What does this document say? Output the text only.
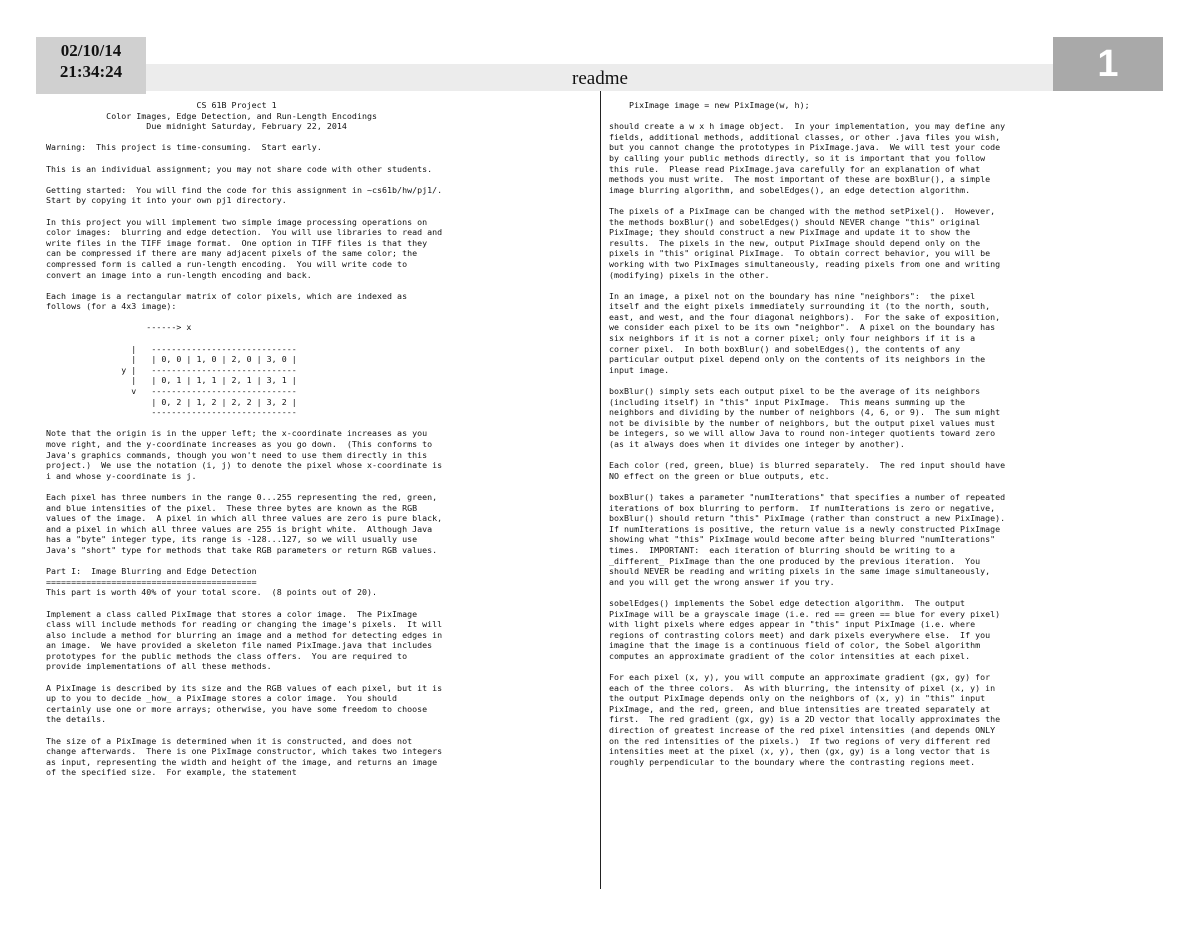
02/10/14
21:34:24	readme	1
CS 61B Project 1
Color Images, Edge Detection, and Run-Length Encodings
Due midnight Saturday, February 22, 2014
Warning:  This project is time-consuming.  Start early.
This is an individual assignment; you may not share code with other students.
Getting started:  You will find the code for this assignment in ~cs61b/hw/pj1/.
Start by copying it into your own pj1 directory.
In this project you will implement two simple image processing operations on
color images:  blurring and edge detection.  You will use libraries to read and
write files in the TIFF image format.  One option in TIFF files is that they
can be compressed if there are many adjacent pixels of the same color; the
compressed form is called a run-length encoding.  You will write code to
convert an image into a run-length encoding and back.
Each image is a rectangular matrix of color pixels, which are indexed as
follows (for a 4x3 image):
------> x
|   -----------------------------
|   | 0, 0 | 1, 0 | 2, 0 | 3, 0 |
y |   -----------------------------
|   | 0, 1 | 1, 1 | 2, 1 | 3, 1 |
v   -----------------------------
| 0, 2 | 1, 2 | 2, 2 | 3, 2 |
-----------------------------
Note that the origin is in the upper left; the x-coordinate increases as you
move right, and the y-coordinate increases as you go down.  (This conforms to
Java's graphics commands, though you won't need to use them directly in this
project.)  We use the notation (i, j) to denote the pixel whose x-coordinate is
i and whose y-coordinate is j.
Each pixel has three numbers in the range 0...255 representing the red, green,
and blue intensities of the pixel.  These three bytes are known as the RGB
values of the image.  A pixel in which all three values are zero is pure black,
and a pixel in which all three values are 255 is bright white.  Although Java
has a "byte" integer type, its range is -128...127, so we will usually use
Java's "short" type for methods that take RGB parameters or return RGB values.
Part I:  Image Blurring and Edge Detection
==========================================
This part is worth 40% of your total score.  (8 points out of 20).
Implement a class called PixImage that stores a color image.  The PixImage
class will include methods for reading or changing the image's pixels.  It will
also include a method for blurring an image and a method for detecting edges in
an image.  We have provided a skeleton file named PixImage.java that includes
prototypes for the public methods the class offers.  You are required to
provide implementations of all these methods.
A PixImage is described by its size and the RGB values of each pixel, but it is
up to you to decide _how_ a PixImage stores a color image.  You should
certainly use one or more arrays; otherwise, you have some freedom to choose
the details.
The size of a PixImage is determined when it is constructed, and does not
change afterwards.  There is one PixImage constructor, which takes two integers
as input, representing the width and height of the image, and returns an image
of the specified size.  For example, the statement
PixImage image = new PixImage(w, h);
should create a w x h image object.  In your implementation, you may define any
fields, additional methods, additional classes, or other .java files you wish,
but you cannot change the prototypes in PixImage.java.  We will test your code
by calling your public methods directly, so it is important that you follow
this rule.  Please read PixImage.java carefully for an explanation of what
methods you must write.  The most important of these are boxBlur(), a simple
image blurring algorithm, and sobelEdges(), an edge detection algorithm.
The pixels of a PixImage can be changed with the method setPixel().  However,
the methods boxBlur() and sobelEdges() should NEVER change "this" original
PixImage; they should construct a new PixImage and update it to show the
results.  The pixels in the new, output PixImage should depend only on the
pixels in "this" original PixImage.  To obtain correct behavior, you will be
working with two PixImages simultaneously, reading pixels from one and writing
(modifying) pixels in the other.
In an image, a pixel not on the boundary has nine "neighbors":  the pixel
itself and the eight pixels immediately surrounding it (to the north, south,
east, and west, and the four diagonal neighbors).  For the sake of exposition,
we consider each pixel to be its own "neighbor".  A pixel on the boundary has
six neighbors if it is not a corner pixel; only four neighbors if it is a
corner pixel.  In both boxBlur() and sobelEdges(), the contents of any
particular output pixel depend only on the contents of its neighbors in the
input image.
boxBlur() simply sets each output pixel to be the average of its neighbors
(including itself) in "this" input PixImage.  This means summing up the
neighbors and dividing by the number of neighbors (4, 6, or 9).  The sum might
not be divisible by the number of neighbors, but the output pixel values must
be integers, so we will allow Java to round non-integer quotients toward zero
(as it always does when it divides one integer by another).
Each color (red, green, blue) is blurred separately.  The red input should have
NO effect on the green or blue outputs, etc.
boxBlur() takes a parameter "numIterations" that specifies a number of repeated
iterations of box blurring to perform.  If numIterations is zero or negative,
boxBlur() should return "this" PixImage (rather than construct a new PixImage).
If numIterations is positive, the return value is a newly constructed PixImage
showing what "this" PixImage would become after being blurred "numIterations"
times.  IMPORTANT:  each iteration of blurring should be writing to a
_different_ PixImage than the one produced by the previous iteration.  You
should NEVER be reading and writing pixels in the same image simultaneously,
and you will get the wrong answer if you try.
sobelEdges() implements the Sobel edge detection algorithm.  The output
PixImage will be a grayscale image (i.e. red == green == blue for every pixel)
with light pixels where edges appear in "this" input PixImage (i.e. where
regions of contrasting colors meet) and dark pixels everywhere else.  If you
imagine that the image is a continuous field of color, the Sobel algorithm
computes an approximate gradient of the color intensities at each pixel.
For each pixel (x, y), you will compute an approximate gradient (gx, gy) for
each of the three colors.  As with blurring, the intensity of pixel (x, y) in
the output PixImage depends only on the neighbors of (x, y) in "this" input
PixImage, and the red, green, and blue intensities are treated separately at
first.  The red gradient (gx, gy) is a 2D vector that locally approximates the
direction of greatest increase of the red pixel intensities (and depends ONLY
on the red intensities of the pixels.)  If two regions of very different red
intensities meet at the pixel (x, y), then (gx, gy) is a long vector that is
roughly perpendicular to the boundary where the contrasting regions meet.
